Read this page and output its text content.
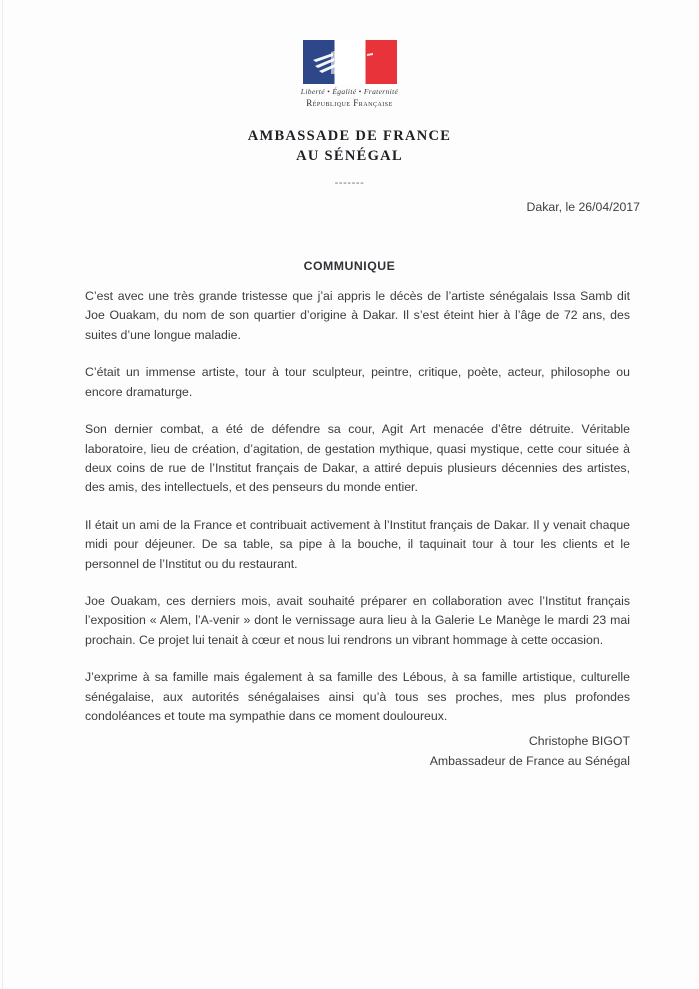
Liberté • Égalité • Fraternité
République Française
AMBASSADE DE FRANCE
AU SÉNÉGAL
-------
Dakar, le 26/04/2017
COMMUNIQUE

C’est avec une très grande tristesse que j’ai appris le décès de l’artiste sénégalais Issa Samb dit Joe Ouakam, du nom de son quartier d’origine à Dakar. Il s’est éteint hier à l’âge de 72 ans, des suites d’une longue maladie.

C’était un immense artiste, tour à tour sculpteur, peintre, critique, poète, acteur, philosophe ou encore dramaturge.

Son dernier combat, a été de défendre sa cour, Agit Art menacée d’être détruite. Véritable laboratoire, lieu de création, d’agitation, de gestation mythique, quasi mystique, cette cour située à deux coins de rue de l’Institut français de Dakar, a attiré depuis plusieurs décennies des artistes, des amis, des intellectuels, et des penseurs du monde entier.

Il était un ami de la France et contribuait activement à l’Institut français de Dakar. Il y venait chaque midi pour déjeuner. De sa table, sa pipe à la bouche, il taquinait tour à tour les clients et le personnel de l’Institut ou du restaurant.

Joe Ouakam, ces derniers mois, avait souhaité préparer en collaboration avec l’Institut français l’exposition « Alem, l’A-venir » dont le vernissage aura lieu à la Galerie Le Manège le mardi 23 mai prochain. Ce projet lui tenait à cœur et nous lui rendrons un vibrant hommage à cette occasion.

J’exprime à sa famille mais également à sa famille des Lébous, à sa famille artistique, culturelle sénégalaise, aux autorités sénégalaises ainsi qu’à tous ses proches, mes plus profondes condoléances et toute ma sympathie dans ce moment douloureux.

Christophe BIGOT
Ambassadeur de France au Sénégal
